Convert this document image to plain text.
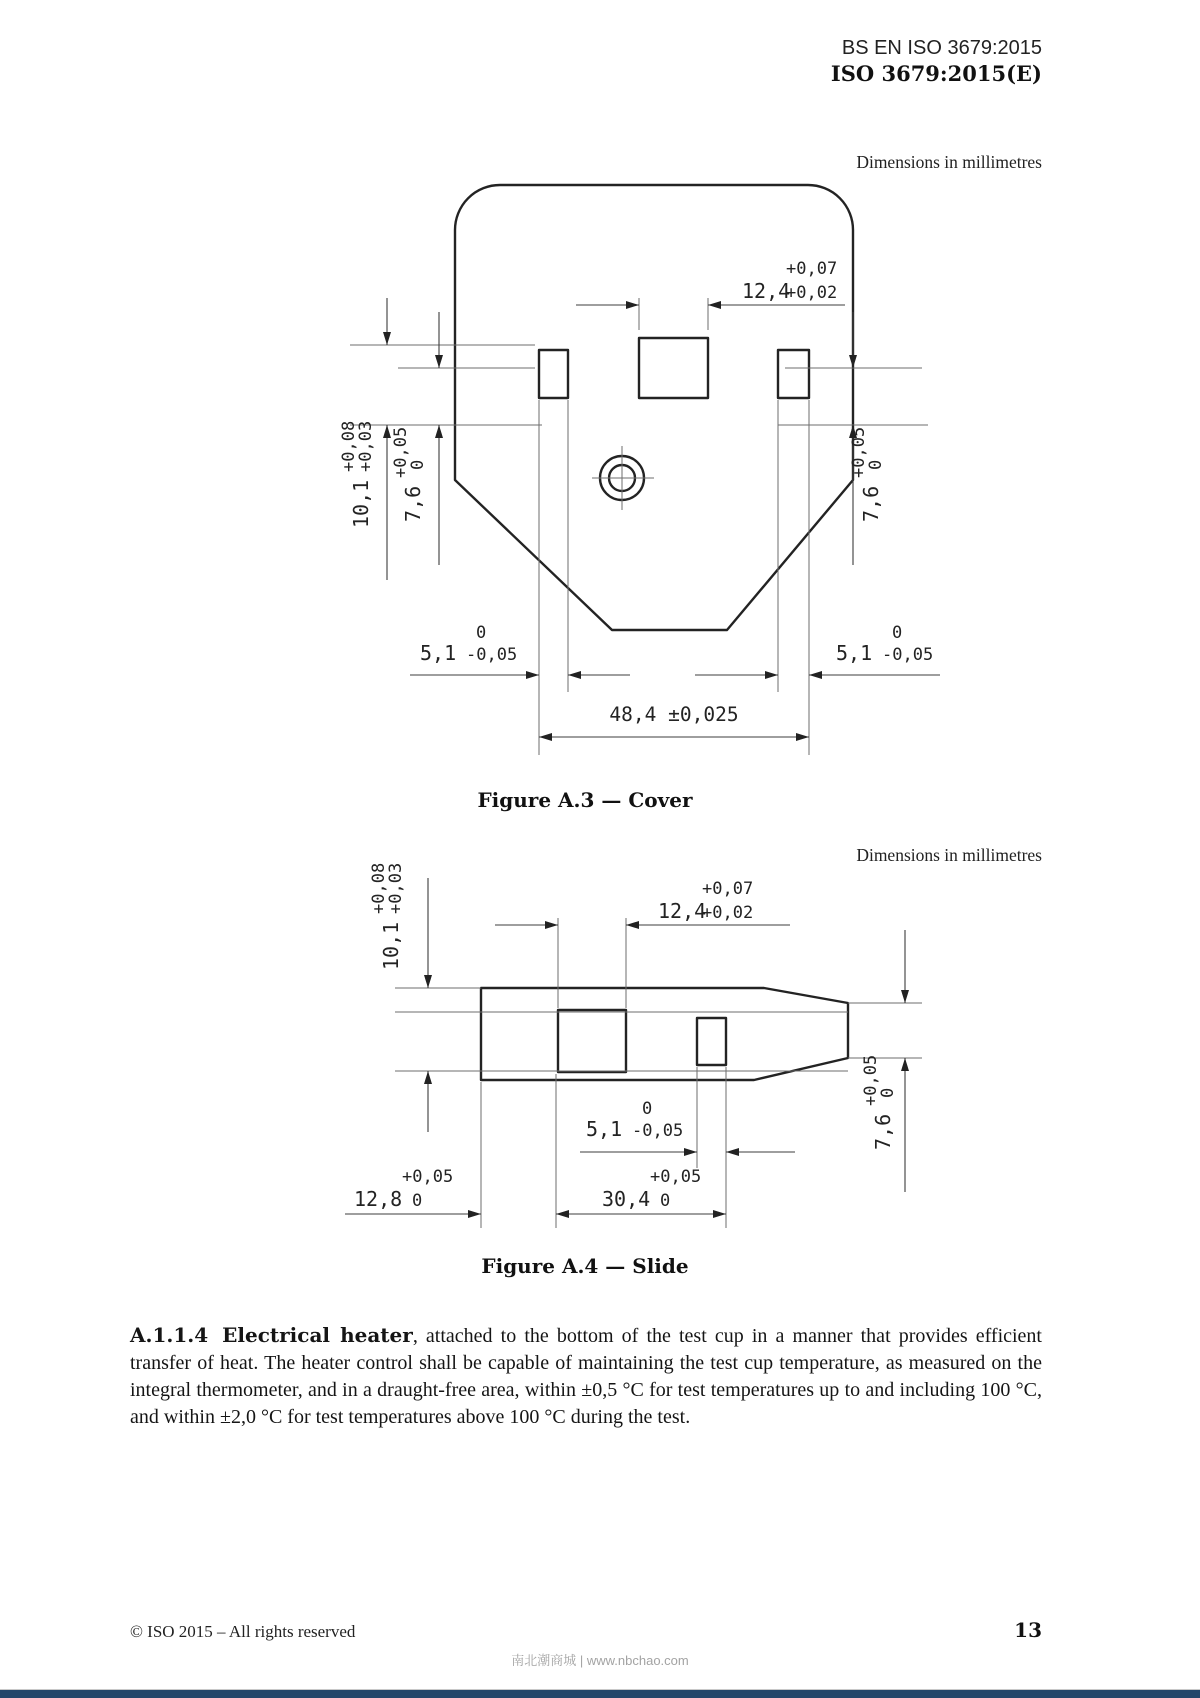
BS EN ISO 3679:2015
ISO 3679:2015(E)
Dimensions in millimetres
+0,07
12,4
+0,02
10,1
+0,08
+0,03
7,6
+0,05
0
7,6
+0,05
0
0
5,1 -0,05
0
5,1 -0,05
48,4 ±0,025
Figure A.3 — Cover
Dimensions in millimetres
+0,07
12,4
+0,02
10,1
+0,08
+0,03
0
5,1 -0,05
+0,05
12,8 0
+0,05
30,4 0
7,6
+0,05
0
Figure A.4 — Slide
A.1.1.4 Electrical heater, attached to the bottom of the test cup in a manner that provides efficient transfer of heat. The heater control shall be capable of maintaining the test cup temperature, as measured on the integral thermometer, and in a draught-free area, within ±0,5 °C for test temperatures up to and including 100 °C, and within ±2,0 °C for test temperatures above 100 °C during the test.
© ISO 2015 – All rights reserved	13
南北潮商城 | www.nbchao.com
